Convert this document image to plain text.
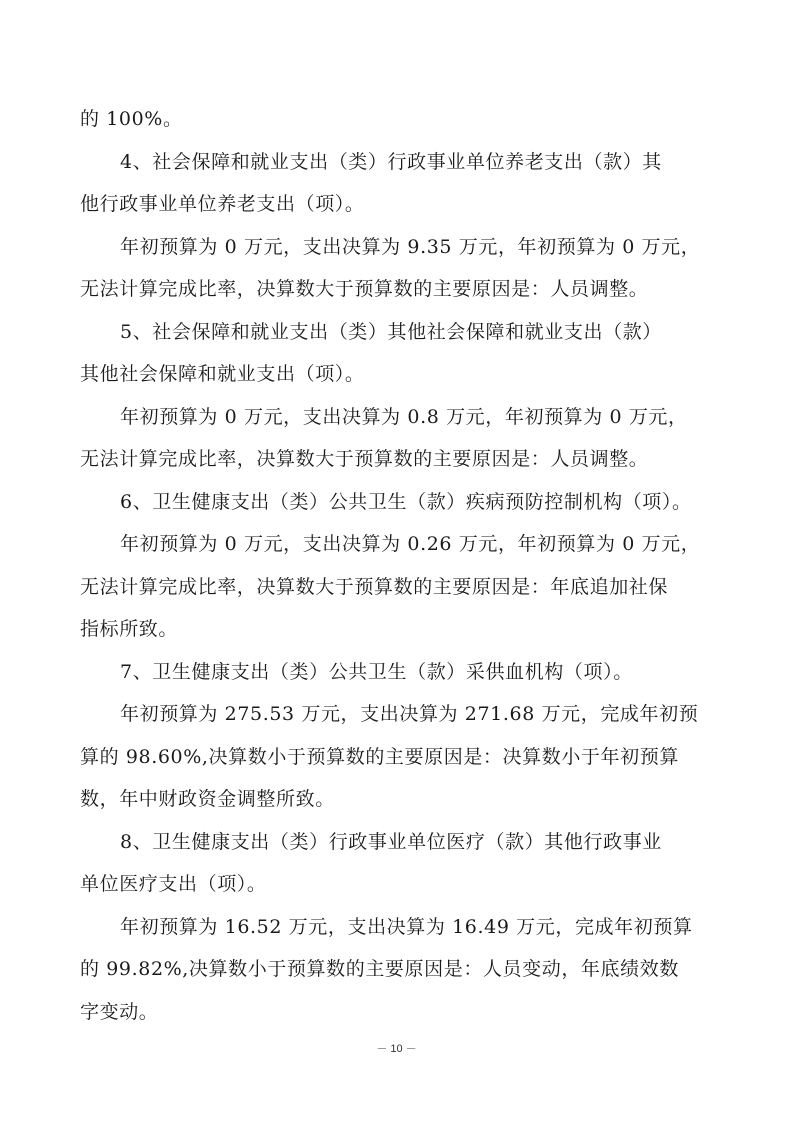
的 100%。
4、社会保障和就业支出（类）行政事业单位养老支出（款）其
他行政事业单位养老支出（项）。
年初预算为 0 万元，支出决算为 9.35 万元，年初预算为 0 万元，
无法计算完成比率，决算数大于预算数的主要原因是：人员调整。
5、社会保障和就业支出（类）其他社会保障和就业支出（款）
其他社会保障和就业支出（项）。
年初预算为 0 万元，支出决算为 0.8 万元，年初预算为 0 万元，
无法计算完成比率，决算数大于预算数的主要原因是：人员调整。
6、卫生健康支出（类）公共卫生（款）疾病预防控制机构（项）。
年初预算为 0 万元，支出决算为 0.26 万元，年初预算为 0 万元，
无法计算完成比率，决算数大于预算数的主要原因是：年底追加社保
指标所致。
7、卫生健康支出（类）公共卫生（款）采供血机构（项）。
年初预算为 275.53 万元，支出决算为 271.68 万元，完成年初预
算的 98.60%,决算数小于预算数的主要原因是：决算数小于年初预算
数，年中财政资金调整所致。
8、卫生健康支出（类）行政事业单位医疗（款）其他行政事业
单位医疗支出（项）。
年初预算为 16.52 万元，支出决算为 16.49 万元，完成年初预算
的 99.82%,决算数小于预算数的主要原因是：人员变动，年底绩效数
字变动。
－ 10 －
